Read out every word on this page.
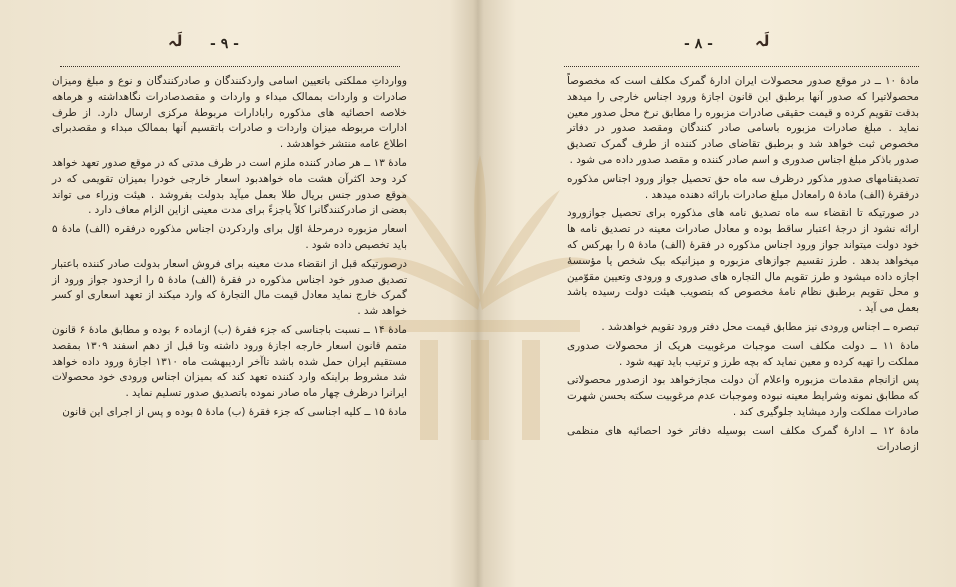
لَہ - ۹ -

ووارداتِ مملکتی باتعیین اسامی واردکنندگان و صادرکنندگان و نوع و مبلغ ومیزان صادرات و واردات بممالک مبداء و واردات و مقصدصادرات نگاهداشته و هرماهه خلاصه احصائیه های مذکوره رابادارات مربوطهٔ مرکزی ارسال دارد. از طرف ادارات مربوطه میزان واردات و صادرات باتقسیم آنها بممالک مبداء و مقصدبرای اطلاع عامه منتشر خواهدشد .

مادهٔ ۱۳ ــ هر صادر کننده ملزم است در ظرف مدتی که در موقع صدور تعهد خواهد کرد وحد اکثرآن هشت ماه خواهدبود اسعار خارجی خودرا بمیزان تقویمی که در موقع صدور جنس بریال طلا بعمل میآید بدولت بفروشد . هیئت وزراء می تواند بعضی از صادرکنندگانرا کلاً یاجزءً برای مدت معینی ازاین الزام معاف دارد .

اسعار مزبوره درمرحلهٔ اوّل برای واردکردن اجناس مذکوره درفقره (الف) مادهٔ ۵ باید تخصیص داده شود .

درصورتیکه قبل از انقضاء مدت معینه برای فروش اسعار بدولت صادر کننده باعتبار تصدیق صدور خود اجناس مذکوره در فقرهٔ (الف) مادهٔ ۵ را ازحدود جواز ورود از گمرک خارج نماید معادل قیمت مال التجارهٔ که وارد میکند از تعهد اسعاری او کسر خواهد شد .

مادهٔ ۱۴ ــ نسبت باجناسی که جزء فقرهٔ (ب) ازماده ۶ بوده و مطابق مادهٔ ۶ قانون متمم قانون اسعار خارجه اجازهٔ ورود داشته وتا قبل از دهم اسفند ۱۳۰۹ بمقصد مستقیم ایران حمل شده باشد تاآخر اردیبهشت ماه ۱۳۱۰ اجازهٔ ورود داده خواهد شد مشروط براینکه وارد کننده تعهد کند که بمیزان اجناس ورودی خود محصولات ایرانرا درظرف چهار ماه صادر نموده باتصدیق صدور تسلیم نماید .

مادهٔ ۱۵ ــ کلیه اجناسی که جزء فقرهٔ (ب) مادهٔ ۵ بوده و پس از اجرای این قانون

لَہ
- ۸ -

مادهٔ ۱۰ ــ در موقع صدور محصولات ایران ادارهٔ گمرک مکلف است که مخصوصاً محصولاتیرا که صدور آنها برطبق این قانون اجازهٔ ورود اجناس خارجی را میدهد بدقت تقویم کرده و قیمت حقیقی صادرات مزبوره را مطابق نرخ محل صدور معین نماید . مبلغ صادرات مزبوره باسامی صادر کنندگان ومقصد صدور در دفاتر مخصوص ثبت خواهد شد و برطبق تقاضای صادر کننده از طرف گمرک تصدیق صدور باذکر مبلغ اجناس صدوری و اسم صادر کننده و مقصد صدور داده می شود .

تصدیقنامهای صدور مذکور درظرف سه ماه حق تحصیل جواز ورود اجناس مذکوره درفقرهٔ (الف) مادهٔ ۵ رامعادل مبلغ صادرات بارائه دهنده میدهد .

در صورتیکه تا انقضاء سه ماه تصدیق نامه های مذکوره برای تحصیل جوازورود ارائه نشود از درجهٔ اعتبار ساقط بوده و معادل صادرات معینه در تصدیق نامه ها خود دولت میتواند جواز ورود اجناس مذکوره در فقرهٔ (الف) مادهٔ ۵ را بهرکس که میخواهد بدهد . طرز تقسیم جوازهای مزبوره و میزانیکه بیک شخص یا مؤسسهٔ اجازه داده میشود و طرز تقویم مال التجاره های صدوری و ورودی وتعیین مقوّمین و محل تقویم برطبق نظام نامهٔ مخصوص که بتصویب هیئت دولت رسیده باشد بعمل می آید .

تبصره ــ اجناس ورودی نیز مطابق قیمت محل دفتر ورود تقویم خواهدشد .

مادهٔ ۱۱ ــ دولت مکلف است موجبات مرغوبیت هریک از محصولات صدوری مملکت را تهیه کرده و معین نماید که بچه طرز و ترتیب باید تهیه شود .

پس ازانجام مقدمات مزبوره واعلام آن دولت مجازخواهد بود ازصدور محصولاتی که مطابق نمونه وشرایط معینه نبوده وموجبات عدم مرغوبیت سکته بحسن شهرت صادرات مملکت وارد میشاید جلوگیری کند .

مادهٔ ۱۲ ــ ادارهٔ گمرک مکلف است بوسیله دفاتر خود احصائیه های منظمی ازصادرات
